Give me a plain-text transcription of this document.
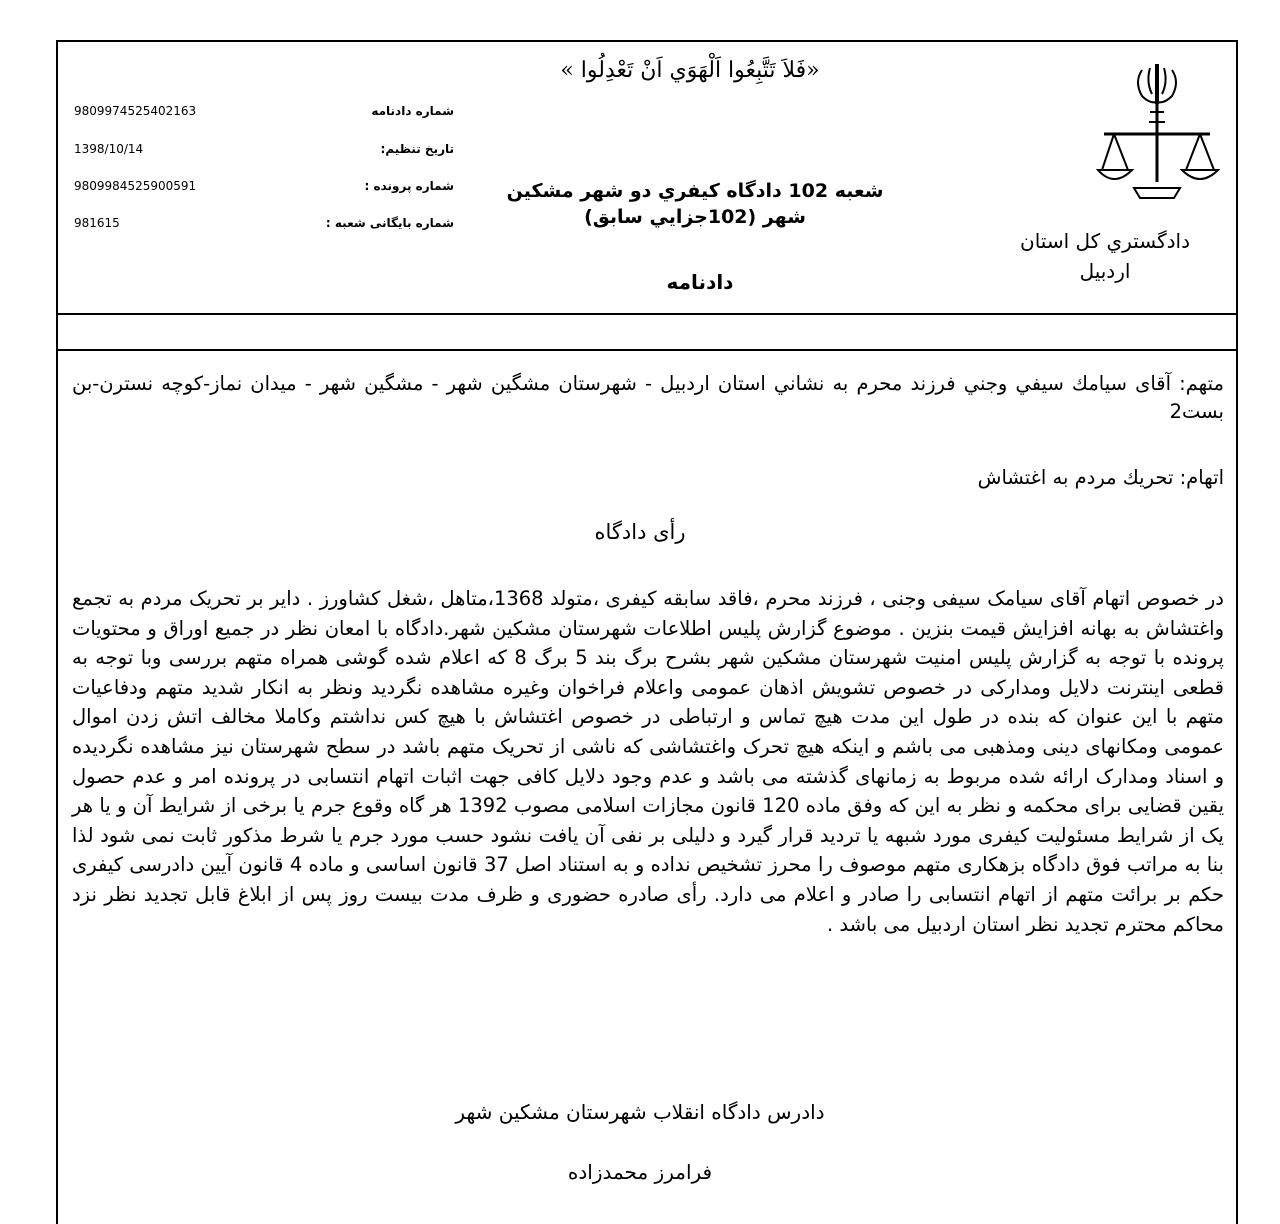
«فَلاَ تَتَّبِعُوا اَلْهَوَي اَنْ تَعْدِلُوا »
9809974525402163	شماره دادنامه
1398/10/14	تاریخ تنظیم:
9809984525900591	شماره پرونده :
981615	شماره بایگانی شعبه :
شعبه 102 دادگاه كيفري دو شهر مشكين
شهر (102جزايي سابق)
دادگستري كل استان
اردبيل
دادنامه
متهم: آقای سیامك سيفي وجني فرزند محرم به نشاني استان اردبيل - شهرستان مشگين شهر - مشگين شهر - ميدان نماز-كوچه نسترن-بن بست2
اتهام: تحريك مردم به اغتشاش
رأی دادگاه
در خصوص اتهام آقای سیامک سیفی وجنی ، فرزند محرم ،فاقد سابقه کیفری ،متولد 1368،متاهل ،شغل کشاورز . دایر بر تحریک مردم به تجمع واغتشاش به بهانه افزایش قیمت بنزین . موضوع گزارش پلیس اطلاعات شهرستان مشکین شهر.دادگاه با امعان نظر در جمیع اوراق و محتویات پرونده با توجه به گزارش پلیس امنیت شهرستان مشکین شهر بشرح برگ بند 5 برگ 8 که اعلام شده گوشی همراه متهم بررسی وبا توجه به قطعی اینترنت دلایل ومدارکی در خصوص تشویش اذهان عمومی واعلام فراخوان وغیره مشاهده نگردید ونظر به انکار شدید متهم ودفاعیات متهم با این عنوان که بنده در طول این مدت هیچ تماس و ارتباطی در خصوص اغتشاش با هیچ کس نداشتم وکاملا مخالف اتش زدن اموال عمومی ومکانهای دینی ومذهبی می باشم و اینکه هیچ تحرک واغتشاشی که ناشی از تحریک متهم باشد در سطح شهرستان نیز مشاهده نگردیده و اسناد ومدارک ارائه شده مربوط به زمانهای گذشته می باشد و عدم وجود دلایل کافی جهت اثبات اتهام انتسابی در پرونده امر و عدم حصول یقین قضایی برای محکمه و نظر به این که وفق ماده 120 قانون مجازات اسلامی مصوب 1392 هر گاه وقوع جرم یا برخی از شرایط آن و یا هر یک از شرایط مسئولیت کیفری مورد شبهه یا تردید قرار گیرد و دلیلی بر نفی آن یافت نشود حسب مورد جرم یا شرط مذکور ثابت نمی شود لذا بنا به مراتب فوق دادگاه بزهکاری متهم موصوف را محرز تشخیص نداده و به استناد اصل 37 قانون اساسی و ماده 4 قانون آیین دادرسی کیفری حکم بر برائت متهم از اتهام انتسابی را صادر و اعلام می دارد. رأی صادره حضوری و ظرف مدت بیست روز پس از ابلاغ قابل تجدید نظر نزد محاکم محترم تجدید نظر استان اردبیل می باشد .
دادرس دادگاه انقلاب شهرستان مشکین شهر
فرامرز محمدزاده
